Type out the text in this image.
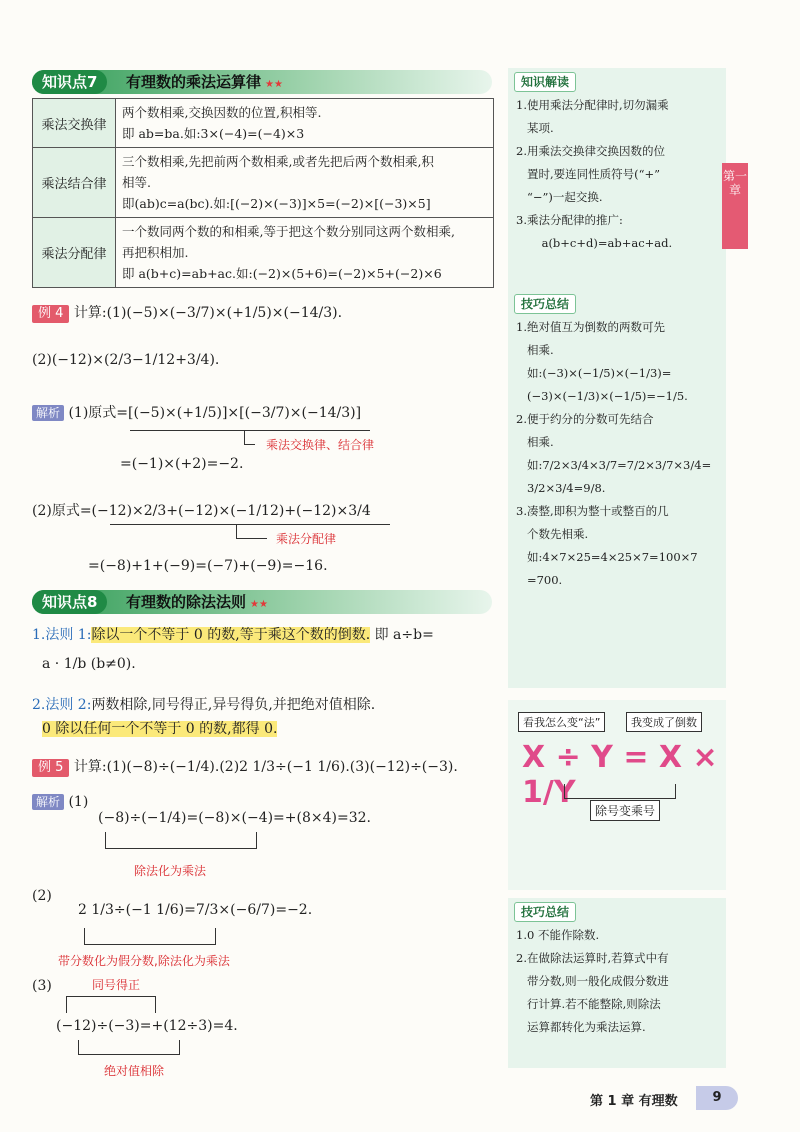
知识点7	有理数的乘法运算律 ★★
乘法交换律	两个数相乘,交换因数的位置,积相等.
即 ab=ba.如:3×(−4)=(−4)×3

乘法结合律	三个数相乘,先把前两个数相乘,或者先把后两个数相乘,积
相等.
即(ab)c=a(bc).如:[(−2)×(−3)]×5=(−2)×[(−3)×5]

乘法分配律	一个数同两个数的和相乘,等于把这个数分别同这两个数相乘,
再把积相加.
即 a(b+c)=ab+ac.如:(−2)×(5+6)=(−2)×5+(−2)×6
例 4 计算:(1)(−5)×(−3/7)×(+1/5)×(−14/3).
(2)(−12)×(2/3−1/12+3/4).
解析 (1)原式=[(−5)×(+1/5)]×[(−3/7)×(−14/3)]
乘法交换律、结合律
=(−1)×(+2)=−2.
(2)原式=(−12)×2/3+(−12)×(−1/12)+(−12)×3/4
乘法分配律
=(−8)+1+(−9)=(−7)+(−9)=−16.
知识点8	有理数的除法法则 ★★
1.法则 1:除以一个不等于 0 的数,等于乘这个数的倒数. 即 a÷b=
a · 1/b (b≠0).
2.法则 2:两数相除,同号得正,异号得负,并把绝对值相除.
0 除以任何一个不等于 0 的数,都得 0.
例 5 计算:(1)(−8)÷(−1/4).(2)2 1/3÷(−1 1/6).(3)(−12)÷(−3).
解析 (1)
(−8)÷(−1/4)=(−8)×(−4)=+(8×4)=32.
除法化为乘法
(2)
2 1/3÷(−1 1/6)=7/3×(−6/7)=−2.
带分数化为假分数,除法化为乘法
(3)	同号得正
(−12)÷(−3)=+(12÷3)=4.
绝对值相除
知识解读
1.使用乘法分配律时,切勿漏乘
某项.
2.用乘法交换律交换因数的位
置时,要连同性质符号(“+”
“−”)一起交换.
3.乘法分配律的推广:
a(b+c+d)=ab+ac+ad.
技巧总结
1.绝对值互为倒数的两数可先
相乘.
如:(−3)×(−1/5)×(−1/3)=
(−3)×(−1/3)×(−1/5)=−1/5.
2.便于约分的分数可先结合
相乘.
如:7/2×3/4×3/7=7/2×3/7×3/4=
3/2×3/4=9/8.
3.凑整,即积为整十或整百的几
个数先相乘.
如:4×7×25=4×25×7=100×7
=700.
看我怎么变“法”	我变成了倒数
X ÷ Y = X × 1/Y
除号变乘号
技巧总结
1.0 不能作除数.
2.在做除法运算时,若算式中有
带分数,则一般化成假分数进
行计算.若不能整除,则除法
运算都转化为乘法运算.
第一章
第 1 章 有理数	9
